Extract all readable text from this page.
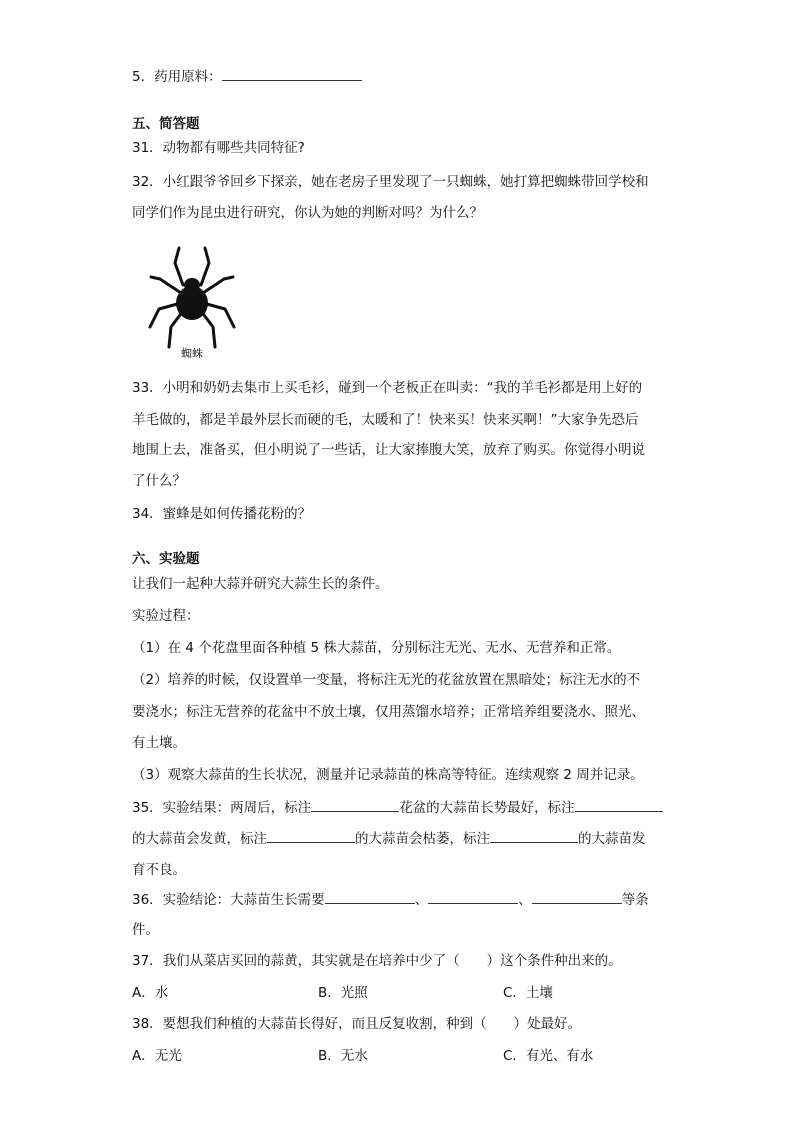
5．药用原料：
五、简答题
31．动物都有哪些共同特征?
32．小红跟爷爷回乡下探亲，她在老房子里发现了一只蜘蛛，她打算把蜘蛛带回学校和
同学们作为昆虫进行研究，你认为她的判断对吗？为什么？
蜘蛛
33．小明和奶奶去集市上买毛衫，碰到一个老板正在叫卖：“我的羊毛衫都是用上好的
羊毛做的，都是羊最外层长而硬的毛，太暖和了！快来买！快来买啊！”大家争先恐后
地围上去，准备买，但小明说了一些话，让大家捧腹大笑，放弃了购买。你觉得小明说
了什么？
34．蜜蜂是如何传播花粉的？
六、实验题
让我们一起种大蒜并研究大蒜生长的条件。
实验过程：
（1）在 4 个花盘里面各种植 5 株大蒜苗，分别标注无光、无水、无营养和正常。
（2）培养的时候，仅设置单一变量，将标注无光的花盆放置在黑暗处；标注无水的不
要浇水；标注无营养的花盆中不放土壤，仅用蒸馏水培养；正常培养组要浇水、照光、
有土壤。
（3）观察大蒜苗的生长状况，测量并记录蒜苗的株高等特征。连续观察 2 周并记录。
35．实验结果：两周后，标注	花盆的大蒜苗长势最好，标注
的大蒜苗会发黄，标注	的大蒜苗会枯萎，标注	的大蒜苗发
育不良。
36．实验结论：大蒜苗生长需要	、	、	等条
件。
37．我们从菜店买回的蒜黄，其实就是在培养中少了（　　）这个条件种出来的。
A．水	B．光照	C．土壤
38．要想我们种植的大蒜苗长得好，而且反复收割，种到（　　）处最好。
A．无光	B．无水	C．有光、有水
